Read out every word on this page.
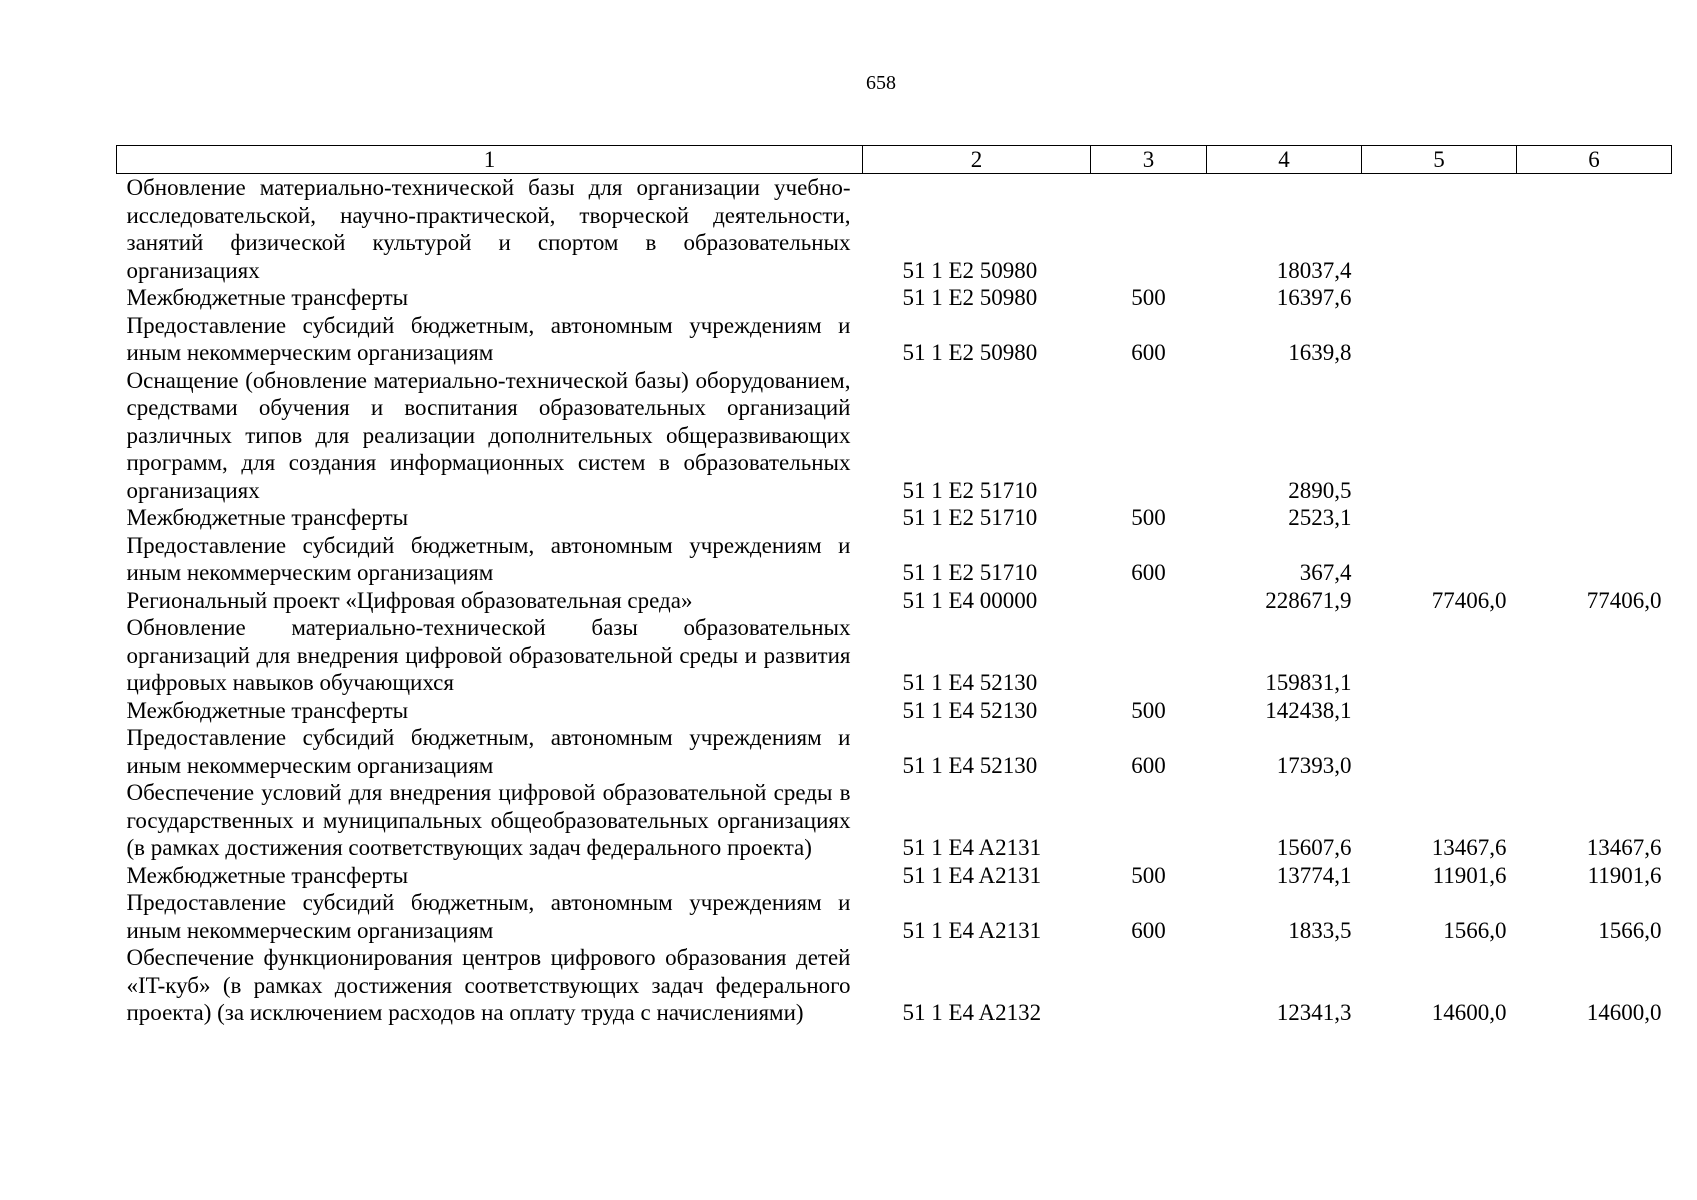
658
1	2	3	4	5	6
Обновление материально-технической базы для организации учебно-исследовательской, научно-практической, творческой деятельности, занятий физической культурой и спортом в образовательных организациях	51 1 E2 50980		18037,4		
Межбюджетные трансферты	51 1 E2 50980	500	16397,6		
Предоставление субсидий бюджетным, автономным учреждениям и иным некоммерческим организациям	51 1 E2 50980	600	1639,8		
Оснащение (обновление материально-технической базы) оборудованием, средствами обучения и воспитания образовательных организаций различных типов для реализации дополнительных общеразвивающих программ, для создания информационных систем в образовательных организациях	51 1 E2 51710		2890,5		
Межбюджетные трансферты	51 1 E2 51710	500	2523,1		
Предоставление субсидий бюджетным, автономным учреждениям и иным некоммерческим организациям	51 1 E2 51710	600	367,4		
Региональный проект «Цифровая образовательная среда»	51 1 E4 00000		228671,9	77406,0	77406,0
Обновление материально-технической базы образовательных организаций для внедрения цифровой образовательной среды и развития цифровых навыков обучающихся	51 1 E4 52130		159831,1		
Межбюджетные трансферты	51 1 E4 52130	500	142438,1		
Предоставление субсидий бюджетным, автономным учреждениям и иным некоммерческим организациям	51 1 E4 52130	600	17393,0		
Обеспечение условий для внедрения цифровой образовательной среды в государственных и муниципальных общеобразовательных организациях (в рамках достижения соответствующих задач федерального проекта)	51 1 E4 A2131		15607,6	13467,6	13467,6
Межбюджетные трансферты	51 1 E4 A2131	500	13774,1	11901,6	11901,6
Предоставление субсидий бюджетным, автономным учреждениям и иным некоммерческим организациям	51 1 E4 A2131	600	1833,5	1566,0	1566,0
Обеспечение функционирования центров цифрового образования детей «IT-куб» (в рамках достижения соответствующих задач федерального проекта) (за исключением расходов на оплату труда с начислениями)	51 1 E4 A2132		12341,3	14600,0	14600,0
